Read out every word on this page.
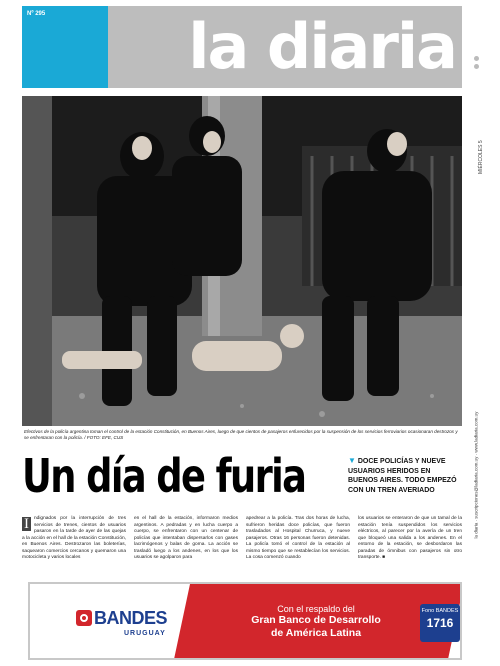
Nº 295 la diaria
Efectivos de la policía argentina toman el control de la estación Constitución, en Buenos Aires, luego de que cientos de pasajeros enfurecidos por la suspensión de los servicios ferroviarios ocasionaran destrozos y se enfrentaran con la policía. / FOTO: EFE, CUS
Un día de furia	▼ DOCE POLICÍAS Y NUEVE USUARIOS HERIDOS EN BUENOS AIRES. TODO EMPEZÓ CON UN TREN AVERIADO
I	ndignados por la interrupción de tres servicios de trenes, cientos de usuarios pasaron en la tarde de ayer de las quejas a la acción en el hall de la estación Constitución, en Buenos Aires. Destrozaron las boleterías, saquearon comercios cercanos y quemaron una motocicleta y varios locales
en el hall de la estación, informaron medios argentinos. A pedradas y en lucha cuerpo a cuerpo, se enfrentaron con un centenar de policías que intentaban dispersarlos con gases lacrimógenos y balas de goma. La acción se trasladó luego a los andenes, en los que los usuarios se agolparon para
apedrear a la policía. Tras dos horas de lucha, sufrieron heridas doce policías, que fueron trasladados al Hospital Churruca, y nueve pasajeros. Otras 16 personas fueron detenidas. La policía tomó el control de la estación al mismo tiempo que se restablecían los servicios. La cosa comenzó cuando
los usuarios se enteraron de que un tamal de la estación tenía suspendidos los servicios eléctricos, al parecer por la avería de un tren que bloqueó una salida a los andenes. En el entorno de la estación, se desbordaron las paradas de ómnibus con pasajeros sin otro transporte. ■
BANDES
URUGUAY
Con el respaldo del
Gran Banco de Desarrollo
de América Latina
Fono BANDES
1716
MIÉRCOLES 5
la diaria · suscripciones@ladiaria.com.uy · www.ladiaria.com.uy
